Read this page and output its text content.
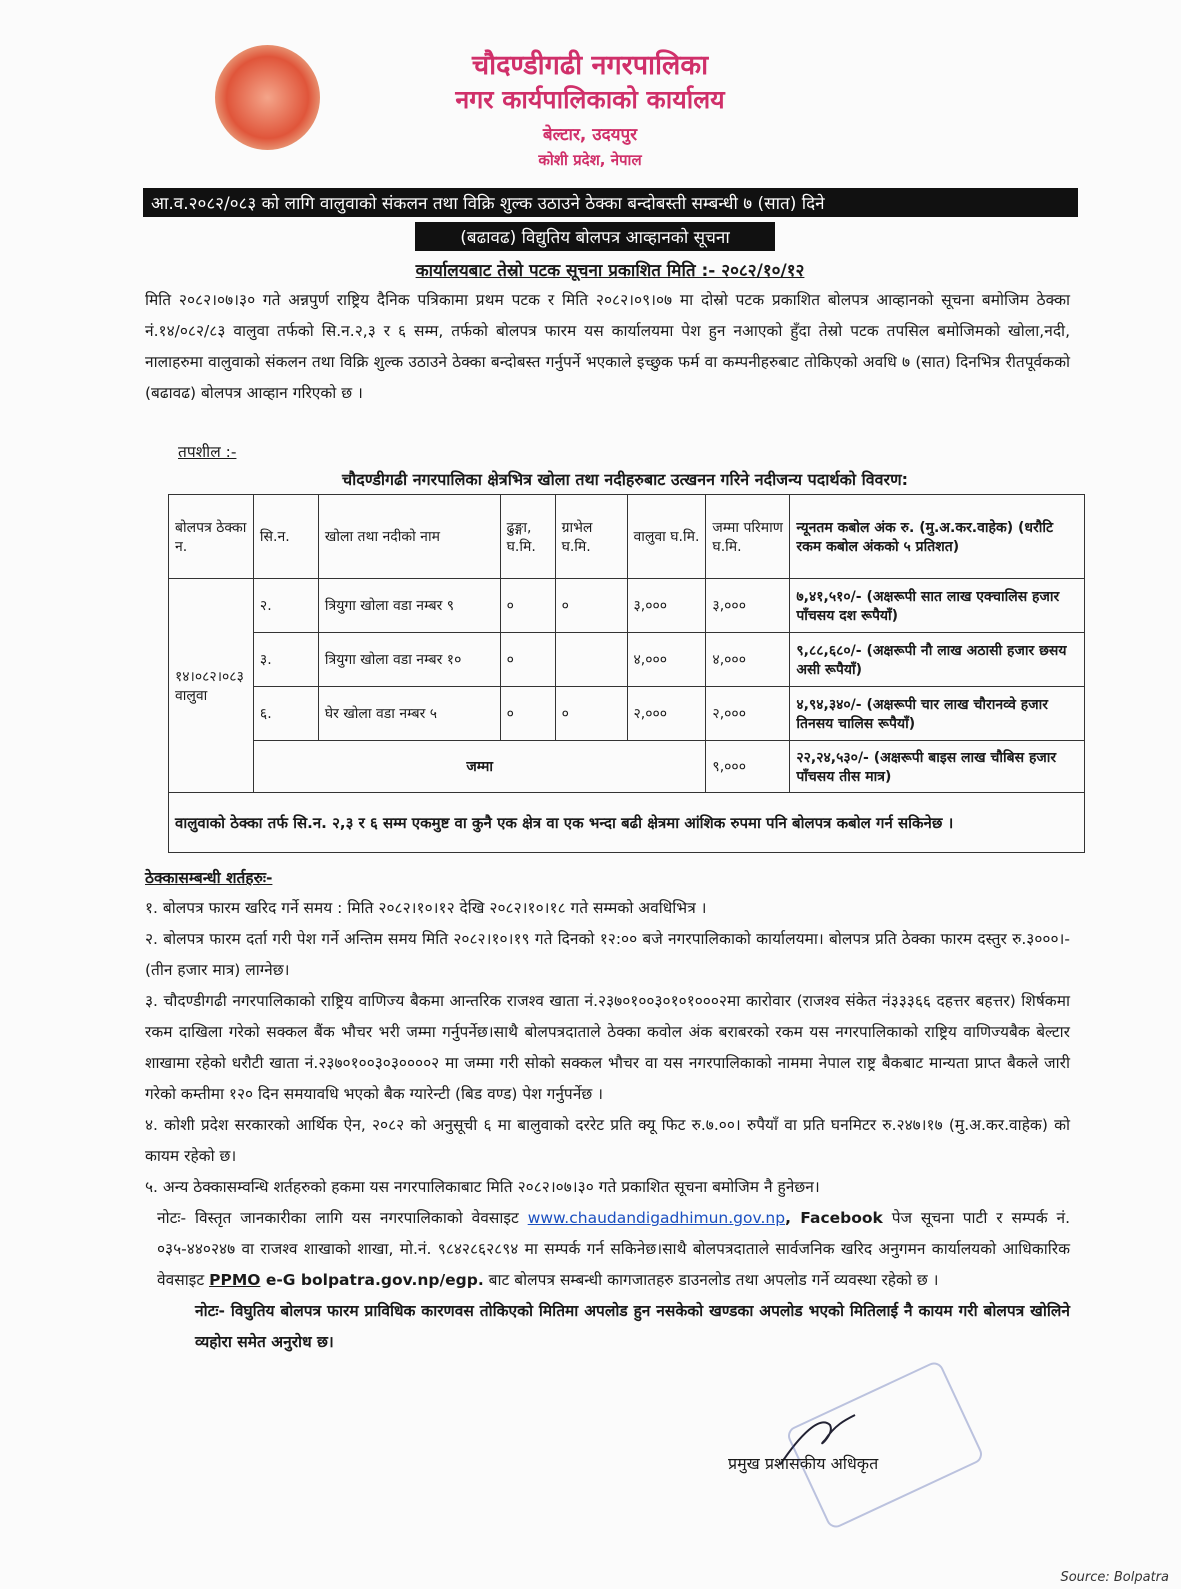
चौदण्डीगढी नगरपालिका
नगर कार्यपालिकाको कार्यालय
बेल्टार, उदयपुर
कोशी प्रदेश, नेपाल
आ.व.२०८२/०८३ को लागि वालुवाको संकलन तथा विक्रि शुल्क उठाउने ठेक्का बन्दोबस्ती सम्बन्धी ७ (सात) दिने
(बढावढ) विद्युतिय बोलपत्र आव्हानको सूचना
कार्यालयबाट तेस्रो पटक सूचना प्रकाशित मिति :- २०८२/१०/१२
मिति २०८२।०७।३० गते अन्नपुर्ण राष्ट्रिय दैनिक पत्रिकामा प्रथम पटक र मिति २०८२।०९।०७ मा दोस्रो पटक प्रकाशित बोलपत्र आव्हानको सूचना बमोजिम ठेक्का नं.१४/०८२/८३ वालुवा तर्फको सि.न.२,३ र ६ सम्म, तर्फको बोलपत्र फारम यस कार्यालयमा पेश हुन नआएको हुँदा तेस्रो पटक तपसिल बमोजिमको खोला,नदी, नालाहरुमा वालुवाको संकलन तथा विक्रि शुल्क उठाउने ठेक्का बन्दोबस्त गर्नुपर्ने भएकाले इच्छुक फर्म वा कम्पनीहरुबाट तोकिएको अवधि ७ (सात) दिनभित्र रीतपूर्वकको (बढावढ) बोलपत्र आव्हान गरिएको छ ।
तपशील :-
चौदण्डीगढी नगरपालिका क्षेत्रभित्र खोला तथा नदीहरुबाट उत्खनन गरिने नदीजन्य पदार्थको विवरण:
बोलपत्र ठेक्का न.	सि.न.	खोला तथा नदीको नाम	ढुङ्गा, घ.मि.	ग्राभेल घ.मि.	वालुवा घ.मि.	जम्मा परिमाण घ.मि.	न्यूनतम कबोल अंक रु. (मु.अ.कर.वाहेक) (धरौटि रकम कबोल अंकको ५ प्रतिशत)
१४।०८२।०८३ वालुवा	२.	त्रियुगा खोला वडा नम्बर ९	०	०	३,०००	३,०००	७,४१,५१०/- (अक्षरूपी सात लाख एक्चालिस हजार पाँचसय दश रूपैयाँ)
	३.	त्रियुगा खोला वडा नम्बर १०	०		४,०००	४,०००	९,८८,६८०/- (अक्षरूपी नौ लाख अठासी हजार छसय असी रूपैयाँ)
	६.	घेर खोला वडा नम्बर ५	०	०	२,०००	२,०००	४,९४,३४०/- (अक्षरूपी चार लाख चौरानव्वे हजार तिनसय चालिस रूपैयाँ)
	जम्मा					९,०००	२२,२४,५३०/- (अक्षरूपी बाइस लाख चौबिस हजार पाँचसय तीस मात्र)
वालुवाको ठेक्का तर्फ सि.न. २,३ र ६ सम्म एकमुष्ट वा कुनै एक क्षेत्र वा एक भन्दा बढी क्षेत्रमा आंशिक रुपमा पनि बोलपत्र कबोल गर्न सकिनेछ ।							
ठेक्कासम्बन्धी शर्तहरुः-
१. बोलपत्र फारम खरिद गर्ने समय : मिति २०८२।१०।१२ देखि २०८२।१०।१८ गते सम्मको अवधिभित्र ।
२. बोलपत्र फारम दर्ता गरी पेश गर्ने अन्तिम समय मिति २०८२।१०।१९ गते दिनको १२:०० बजे नगरपालिकाको कार्यालयमा। बोलपत्र प्रति ठेक्का फारम दस्तुर रु.३०००।- (तीन हजार मात्र) लाग्नेछ।
३. चौदण्डीगढी नगरपालिकाको राष्ट्रिय वाणिज्य बैकमा आन्तरिक राजश्व खाता नं.२३७०१००३०१०१०००२मा कारोवार (राजश्व संकेत नं३३३६६ दहत्तर बहत्तर) शिर्षकमा रकम दाखिला गरेको सक्कल बैंक भौचर भरी जम्मा गर्नुपर्नेछ।साथै बोलपत्रदाताले ठेक्का कवोल अंक बराबरको रकम यस नगरपालिकाको राष्ट्रिय वाणिज्यबैक बेल्टार शाखामा रहेको धरौटी खाता नं.२३७०१००३०३००००२ मा जम्मा गरी सोको सक्कल भौचर वा यस नगरपालिकाको नाममा नेपाल राष्ट्र बैकबाट मान्यता प्राप्त बैकले जारी गरेको कम्तीमा १२० दिन समयावधि भएको बैक ग्यारेन्टी (बिड वण्ड) पेश गर्नुपर्नेछ ।
४. कोशी प्रदेश सरकारको आर्थिक ऐन, २०८२ को अनुसूची ६ मा बालुवाको दररेट प्रति क्यू फिट रु.७.००। रुपैयाँ वा प्रति घनमिटर रु.२४७।१७ (मु.अ.कर.वाहेक) को कायम रहेको छ।
५. अन्य ठेक्कासम्वन्धि शर्तहरुको हकमा यस नगरपालिकाबाट मिति २०८२।०७।३० गते प्रकाशित सूचना बमोजिम नै हुनेछन।
नोटः- विस्तृत जानकारीका लागि यस नगरपालिकाको वेवसाइट www.chaudandigadhimun.gov.np, Facebook पेज सूचना पाटी र सम्पर्क नं. ०३५-४४०२४७ वा राजश्व शाखाको शाखा, मो.नं. ९८४२८६२८९४ मा सम्पर्क गर्न सकिनेछ।साथै बोलपत्रदाताले सार्वजनिक खरिद अनुगमन कार्यालयको आधिकारिक वेवसाइट PPMO e-G bolpatra.gov.np/egp. बाट बोलपत्र सम्बन्धी कागजातहरु डाउनलोड तथा अपलोड गर्ने व्यवस्था रहेको छ ।
नोटः- विघुतिय बोलपत्र फारम प्राविधिक कारणवस तोकिएको मितिमा अपलोड हुन नसकेको खण्डका अपलोड भएको मितिलाई नै कायम गरी बोलपत्र खोलिने व्यहोरा समेत अनुरोध छ।
प्रमुख प्रशासकीय अधिकृत
Source: Bolpatra
